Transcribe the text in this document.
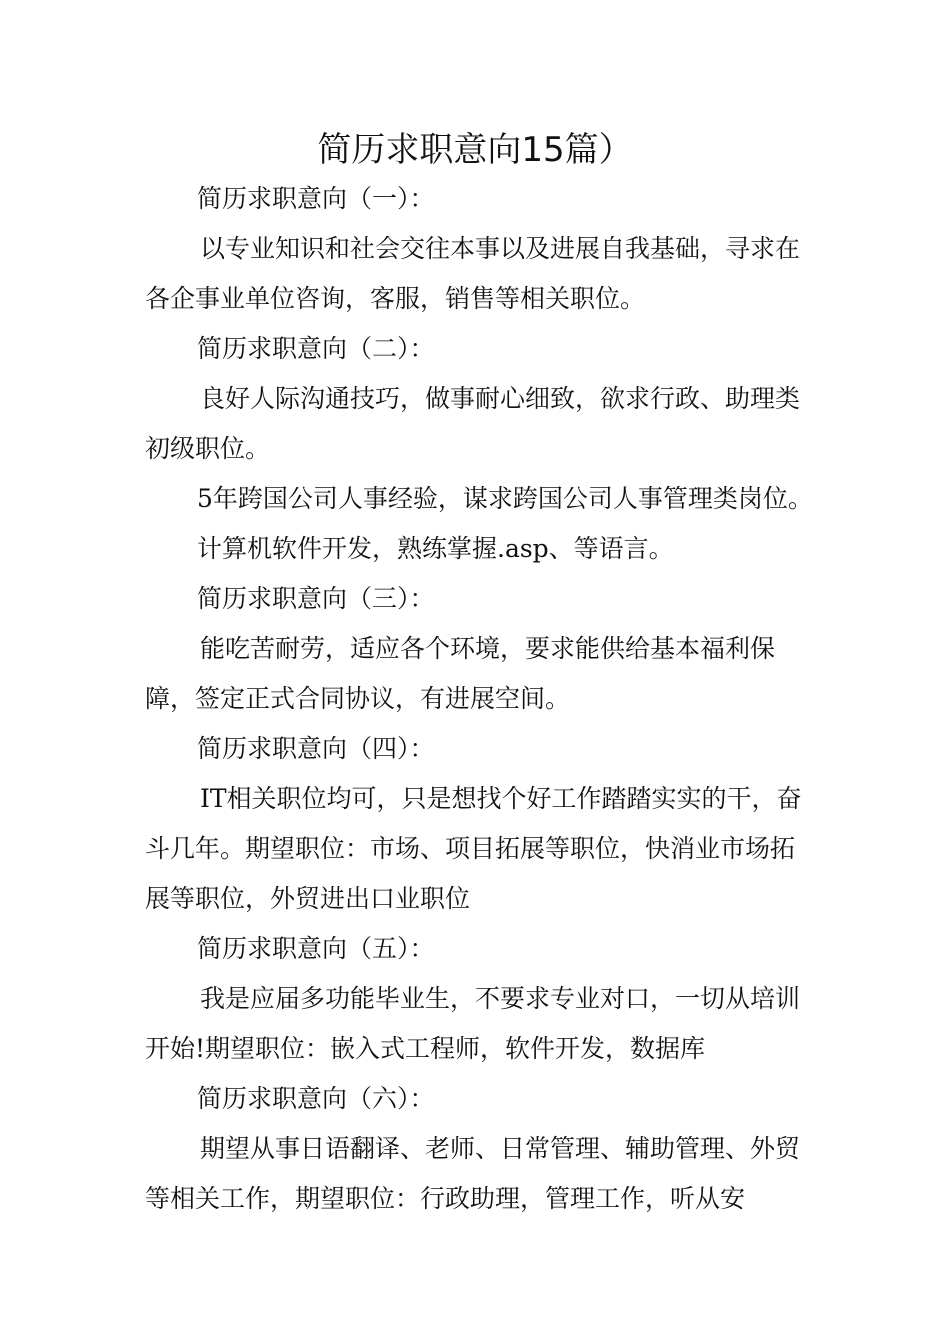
简历求职意向15篇）

简历求职意向（一）：

以专业知识和社会交往本事以及进展自我基础，寻求在各企事业单位咨询，客服，销售等相关职位。

简历求职意向（二）：

良好人际沟通技巧，做事耐心细致，欲求行政、助理类初级职位。

5年跨国公司人事经验，谋求跨国公司人事管理类岗位。

计算机软件开发，熟练掌握.asp、等语言。

简历求职意向（三）：

能吃苦耐劳，适应各个环境，要求能供给基本福利保障，签定正式合同协议，有进展空间。

简历求职意向（四）：

IT相关职位均可，只是想找个好工作踏踏实实的干，奋斗几年。期望职位：市场、项目拓展等职位，快消业市场拓展等职位，外贸进出口业职位

简历求职意向（五）：

我是应届多功能毕业生，不要求专业对口，一切从培训开始!期望职位：嵌入式工程师，软件开发，数据库

简历求职意向（六）：

期望从事日语翻译、老师、日常管理、辅助管理、外贸等相关工作，期望职位：行政助理，管理工作，听从安
